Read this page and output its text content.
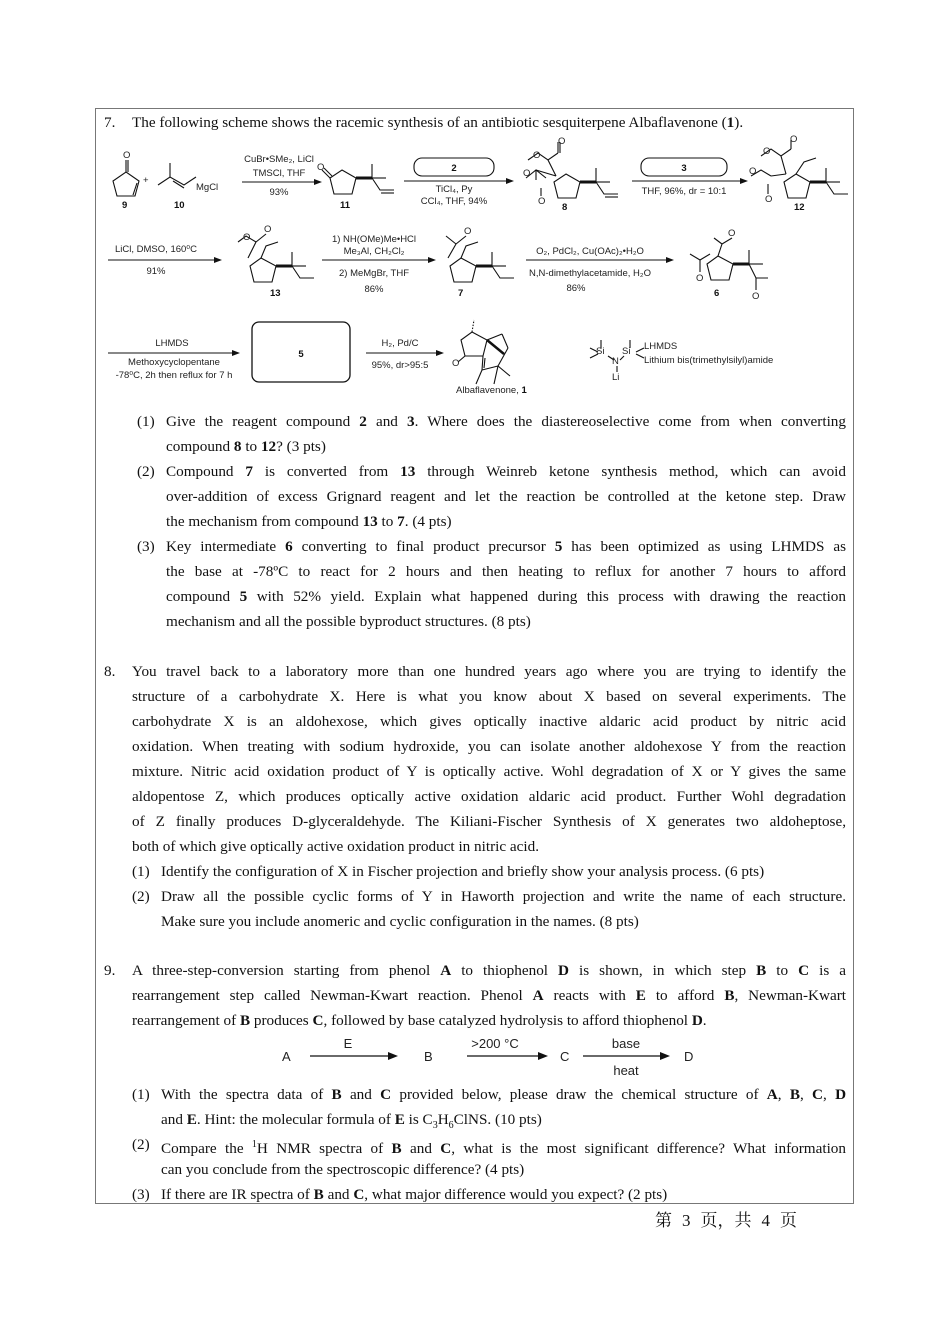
7. The following scheme shows the racemic synthesis of an antibiotic sesquiterpene Albaflavenone (1).
O
O
O
O
O
O
O
O
O
O
O
O	O	O
O
O
O
MgCl
+
9	10
CuBr•SMe₂, LiCl
TMSCl, THF
93%
11
2
TiCl₄, Py
CCl₄, THF, 94%
8
3
THF, 96%, dr = 10:1
12
LiCl, DMSO, 160⁰C
91%
13
1) NH(OMe)Me•HCl
Me₃Al, CH₂Cl₂
2) MeMgBr, THF
86%	7
O₂, PdCl₂, Cu(OAc)₂•H₂O
N,N-dimethylacetamide, H₂O
86%	6
LHMDS
Methoxycyclopentane
-78⁰C, 2h then reflux for 7 h
5
H₂, Pd/C
95%, dr>95:5
Albaflavenone, 1
Si Si
N
Li
LHMDS
Lithium bis(trimethylsilyl)amide
(1) Give the reagent compound 2 and 3. Where does the diastereoselective come from when converting
compound 8 to 12? (3 pts)
(2) Compound 7 is converted from 13 through Weinreb ketone synthesis method, which can avoid
over-addition of excess Grignard reagent and let the reaction be controlled at the ketone step. Draw
the mechanism from compound 13 to 7. (4 pts)
(3) Key intermediate 6 converting to final product precursor 5 has been optimized as using LHMDS as
the base at -78ºC to react for 2 hours and then heating to reflux for another 7 hours to afford
compound 5 with 52% yield. Explain what happened during this process with drawing the reaction
mechanism and all the possible byproduct structures. (8 pts)
8. You travel back to a laboratory more than one hundred years ago where you are trying to identify the
structure of a carbohydrate X. Here is what you know about X based on several experiments. The
carbohydrate X is an aldohexose, which gives optically inactive aldaric acid product by nitric acid
oxidation. When treating with sodium hydroxide, you can isolate another aldohexose Y from the reaction
mixture. Nitric acid oxidation product of Y is optically active. Wohl degradation of X or Y gives the same
aldopentose Z, which produces optically active oxidation aldaric acid product. Further Wohl degradation
of Z finally produces D-glyceraldehyde. The Kiliani-Fischer Synthesis of X generates two aldoheptose,
both of which give optically active oxidation product in nitric acid.
(1) Identify the configuration of X in Fischer projection and briefly show your analysis process. (6 pts)
(2) Draw all the possible cyclic forms of Y in Haworth projection and write the name of each structure.
Make sure you include anomeric and cyclic configuration in the names. (8 pts)
9. A three-step-conversion starting from phenol A to thiophenol D is shown, in which step B to C is a
rearrangement step called Newman-Kwart reaction. Phenol A reacts with E to afford B, Newman-Kwart
rearrangement of B produces C, followed by base catalyzed hydrolysis to afford thiophenol D.
A	B	C	D
E	>200 °C	base
heat
(1) With the spectra data of B and C provided below, please draw the chemical structure of A, B, C, D
and E. Hint: the molecular formula of E is $C_3H_6ClNS$. (10 pts)
(2) Compare the $^1$H NMR spectra of B and C, what is the most significant difference? What information
can you conclude from the spectroscopic difference? (4 pts)
(3) If there are IR spectra of B and C, what major difference would you expect? (2 pts)
第 3 页，共 4 页
